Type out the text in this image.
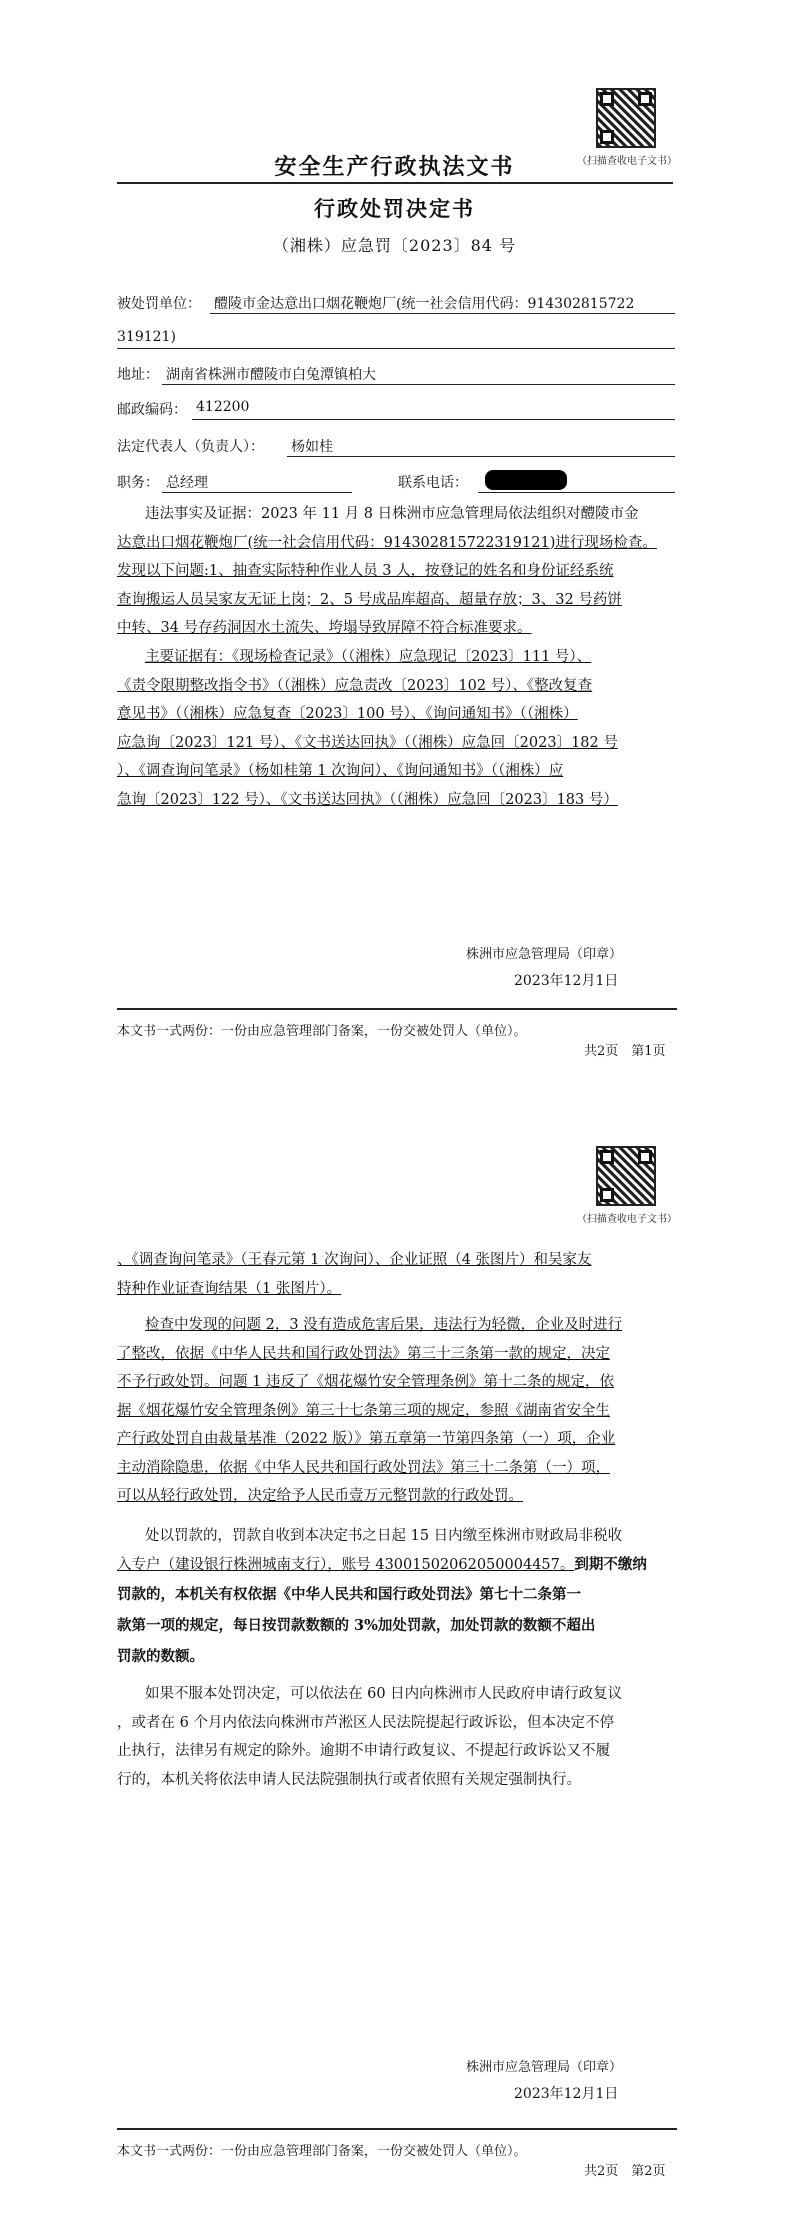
（扫描查收电子文书）
安全生产行政执法文书
行政处罚决定书
（湘株）应急罚〔2023〕84 号
被处罚单位： 醴陵市金达意出口烟花鞭炮厂(统一社会信用代码：914302815722
319121)
地址： 湖南省株洲市醴陵市白兔潭镇柏大
邮政编码： 412200
法定代表人（负责人）： 杨如桂
职务： 总经理	联系电话：
违法事实及证据：2023 年 11 月 8 日株洲市应急管理局依法组织对醴陵市金
达意出口烟花鞭炮厂(统一社会信用代码：914302815722319121)进行现场检查。
发现以下问题:1、抽查实际特种作业人员 3 人，按登记的姓名和身份证经系统
查询搬运人员吴家友无证上岗；2、5 号成品库超高、超量存放；3、32 号药饼
中转、34 号存药洞因水土流失、垮塌导致屏障不符合标准要求。
主要证据有：《现场检查记录》（（湘株）应急现记〔2023〕111 号）、
《责令限期整改指令书》（（湘株）应急责改〔2023〕102 号）、《整改复查
意见书》（（湘株）应急复查〔2023〕100 号）、《询问通知书》（（湘株）
应急询〔2023〕121 号）、《文书送达回执》（（湘株）应急回〔2023〕182 号
）、《调查询问笔录》（杨如桂第 1 次询问）、《询问通知书》（（湘株）应
急询〔2023〕122 号）、《文书送达回执》（（湘株）应急回〔2023〕183 号）
株洲市应急管理局（印章）
2023年12月1日
本文书一式两份：一份由应急管理部门备案，一份交被处罚人（单位）。
共2页　第1页
（扫描查收电子文书）
、《调查询问笔录》（王春元第 1 次询问）、企业证照（4 张图片）和吴家友
特种作业证查询结果（1 张图片）。
检查中发现的问题 2，3 没有造成危害后果，违法行为轻微，企业及时进行
了整改，依据《中华人民共和国行政处罚法》第三十三条第一款的规定，决定
不予行政处罚。问题 1 违反了《烟花爆竹安全管理条例》第十二条的规定，依
据《烟花爆竹安全管理条例》第三十七条第三项的规定，参照《湖南省安全生
产行政处罚自由裁量基准（2022 版）》第五章第一节第四条第（一）项，企业
主动消除隐患，依据《中华人民共和国行政处罚法》第三十二条第（一）项，
可以从轻行政处罚，决定给予人民币壹万元整罚款的行政处罚。
处以罚款的，罚款自收到本决定书之日起 15 日内缴至株洲市财政局非税收
入专户（建设银行株洲城南支行），账号 43001502062050004457。到期不缴纳
罚款的，本机关有权依据《中华人民共和国行政处罚法》第七十二条第一
款第一项的规定，每日按罚款数额的 3%加处罚款，加处罚款的数额不超出
罚款的数额。
如果不服本处罚决定，可以依法在 60 日内向株洲市人民政府申请行政复议
，或者在 6 个月内依法向株洲市芦淞区人民法院提起行政诉讼，但本决定不停
止执行，法律另有规定的除外。逾期不申请行政复议、不提起行政诉讼又不履
行的，本机关将依法申请人民法院强制执行或者依照有关规定强制执行。
株洲市应急管理局（印章）
2023年12月1日
本文书一式两份：一份由应急管理部门备案，一份交被处罚人（单位）。
共2页　第2页
